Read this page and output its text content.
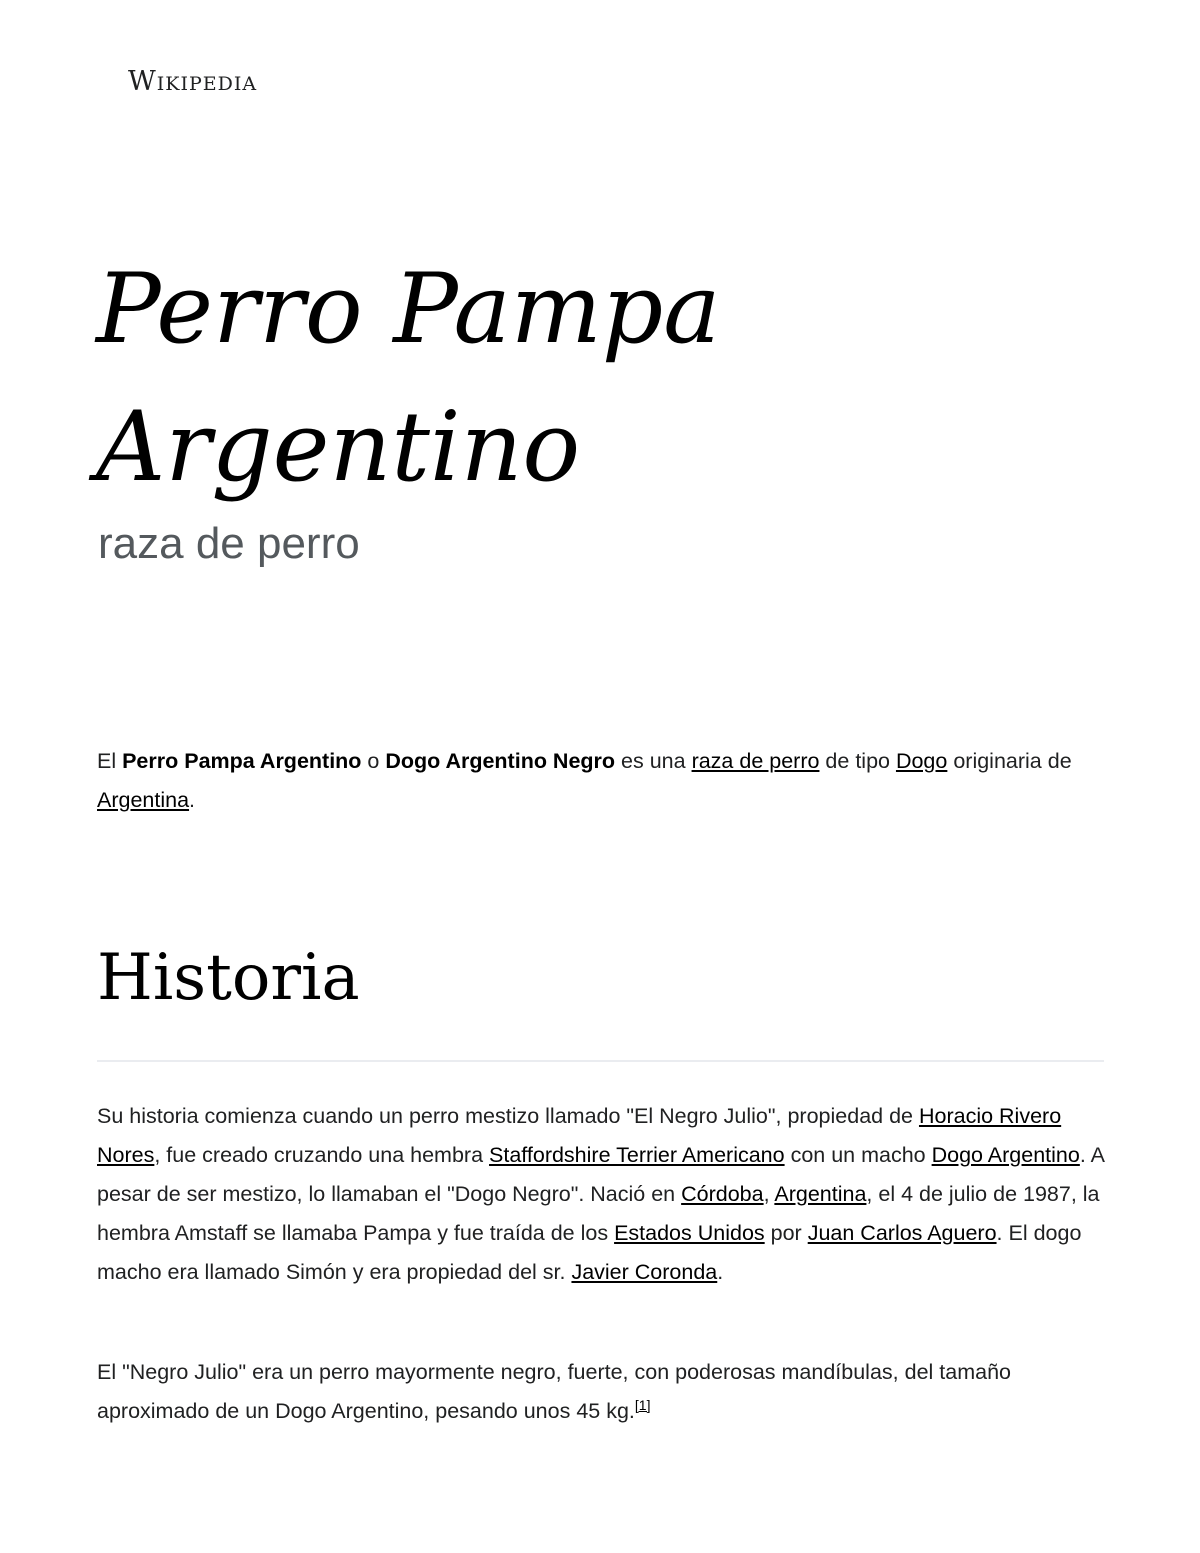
Wikipedia
Perro Pampa Argentino

raza de perro

El Perro Pampa Argentino o Dogo Argentino Negro es una raza de perro de tipo Dogo originaria de Argentina.

Historia

Su historia comienza cuando un perro mestizo llamado "El Negro Julio", propiedad de Horacio Rivero Nores, fue creado cruzando una hembra Staffordshire Terrier Americano con un macho Dogo Argentino. A pesar de ser mestizo, lo llamaban el "Dogo Negro". Nació en Córdoba, Argentina, el 4 de julio de 1987, la hembra Amstaff se llamaba Pampa y fue traída de los Estados Unidos por Juan Carlos Aguero. El dogo macho era llamado Simón y era propiedad del sr. Javier Coronda.

El "Negro Julio" era un perro mayormente negro, fuerte, con poderosas mandíbulas, del tamaño aproximado de un Dogo Argentino, pesando unos 45 kg.[1]
